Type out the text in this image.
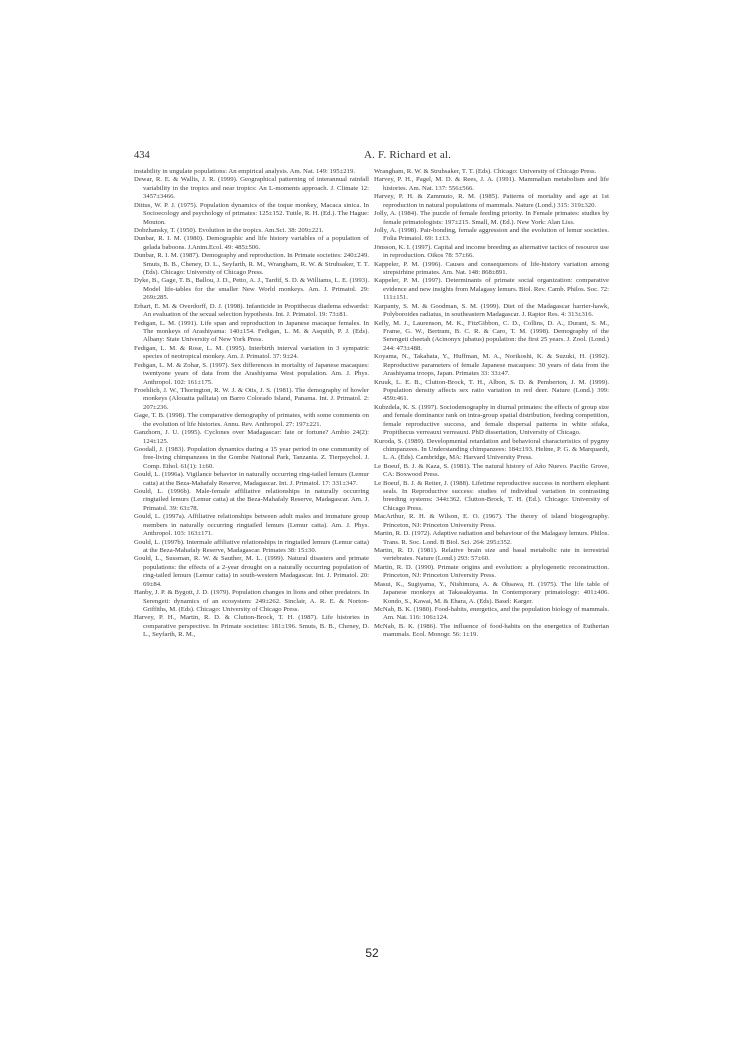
434	A. F. Richard et al.

instability in ungulate populations: An empirical analysis. Am. Nat. 149: 195±219.

Dewar, R. E. & Wallis, J. R. (1999). Geographical patterning of interannual rainfall variability in the tropics and near tropics: An L-moments approach. J. Climate 12: 3457±3466.

Dittus, W. P. J. (1975). Population dynamics of the toque monkey, Macaca sinica. In Socioecology and psychology of primates: 125±152. Tuttle, R. H. (Ed.). The Hague: Mouton.

Dobzhansky, T. (1950). Evolution in the tropics. Am.Sci. 38: 209±221.

Dunbar, R. I. M. (1980). Demographic and life history variables of a population of gelada baboons. J.Anim.Ecol. 49: 485±506.

Dunbar, R. I. M. (1987). Demography and reproduction. In Primate societies: 240±249. Smuts, B. B., Cheney, D. L., Seyfarth, R. M., Wrangham, R. W. & Struhsaker, T. T. (Eds). Chicago: University of Chicago Press.

Dyke, B., Gage, T. B., Ballou, J. D., Petto, A. J., Tardif, S. D. & Williams, L. E. (1993). Model life-tables for the smaller New World monkeys. Am. J. Primatol. 29: 269±285.

Erhart, E. M. & Overdorff, D. J. (1998). Infanticide in Propithecus diadema edwardsi: An evaluation of the sexual selection hypothesis. Int. J. Primatol. 19: 73±81.

Fedigan, L. M. (1991). Life span and reproduction in Japanese macaque females. In The monkeys of Arashiyama: 140±154. Fedigan, L. M. & Asquith, P. J. (Eds). Albany: State University of New York Press.

Fedigan, L. M. & Rose, L. M. (1995). Interbirth interval variation in 3 sympatric species of neotropical monkey. Am. J. Primatol. 37: 9±24.

Fedigan, L. M. & Zohar, S. (1997). Sex differences in mortality of Japanese macaques: twentyone years of data from the Arashiyama West population. Am. J. Phys. Anthropol. 102: 161±175.

Froehlich, J. W., Thorington, R. W. J. & Otis, J. S. (1981). The demography of howler monkeys (Alouatta palliata) on Barro Colorado Island, Panama. Int. J. Primatol. 2: 207±236.

Gage, T. B. (1998). The comparative demography of primates, with some comments on the evolution of life histories. Annu. Rev. Anthropol. 27: 197±221.

Ganzhorn, J. U. (1995). Cyclones over Madagascar: fate or fortune? Ambio 24(2): 124±125.

Goodall, J. (1983). Population dynamics during a 15 year period in one community of free-living chimpanzees in the Gombe National Park, Tanzania. Z. Tierpsychol. J. Comp. Ethol. 61(1): 1±60.

Gould, L. (1996a). Vigilance behavior in naturally occurring ring-tailed lemurs (Lemur catta) at the Beza-Mahafaly Reserve, Madagascar. Int. J. Primatol. 17: 331±347.

Gould, L. (1996b). Male-female affiliative relationships in naturally occurring ringtailed lemurs (Lemur catta) at the Beza-Mahafaly Reserve, Madagascar. Am. J. Primatol. 39: 63±78.

Gould, L. (1997a). Affiliative relationships between adult males and immature group members in naturally occurring ringtailed lemurs (Lemur catta). Am. J. Phys. Anthropol. 103: 163±171.

Gould, L. (1997b). Intermale affiliative relationships in ringtailed lemurs (Lemur catta) at the Beza-Mahafaly Reserve, Madagascar. Primates 38: 15±30.

Gould, L., Sussman, R. W. & Sauther, M. L. (1999). Natural disasters and primate populations: the effects of a 2-year drought on a naturally occurring population of ring-tailed lemurs (Lemur catta) in south-western Madagascar. Int. J. Primatol. 20: 69±84.

Hanby, J. P. & Bygott, J. D. (1979). Population changes in lions and other predators. In Serengeti: dynamics of an ecosystem: 249±262. Sinclair, A. R. E. & Norton-Griffiths, M. (Eds). Chicago: University of Chicago Press.

Harvey, P. H., Martin, R. D. & Clutton-Brock, T. H. (1987). Life histories in comparative perspective. In Primate societies: 181±196. Smuts, B. B., Cheney, D. L., Seyfarth, R. M.,

Wrangham, R. W. & Struhsaker, T. T. (Eds). Chicago: University of Chicago Press.

Harvey, P. H., Pagel, M. D. & Rees, J. A. (1991). Mammalian metabolism and life histories. Am. Nat. 137: 556±566.

Harvey, P. H. & Zammuto, R. M. (1985). Patterns of mortality and age at 1st reproduction in natural populations of mammals. Nature (Lond.) 315: 319±320.

Jolly, A. (1984). The puzzle of female feeding priority. In Female primates: studies by female primatologists: 197±215. Small, M. (Ed.). New York: Alan Liss.

Jolly, A. (1998). Pair-bonding, female aggression and the evolution of lemur societies. Folia Primatol. 69: 1±13.

Jönsson, K. I. (1997). Capital and income breeding as alternative tactics of resource use in reproduction. Oikos 78: 57±66.

Kappeler, P. M. (1996). Causes and consequences of life-history variation among strepsirhine primates. Am. Nat. 148: 868±891.

Kappeler, P. M. (1997). Determinants of primate social organization: comparative evidence and new insights from Malagasy lemurs. Biol. Rev. Camb. Philos. Soc. 72: 111±151.

Karpanty, S. M. & Goodman, S. M. (1999). Diet of the Madagascar harrier-hawk, Polyboroides radiatus, in southeastern Madagascar. J. Raptor Res. 4: 313±316.

Kelly, M. J., Laurenson, M. K., FitzGibbon, C. D., Collins, D. A., Durant, S. M., Frame, G. W., Bertram, B. C. R. & Caro, T. M. (1998). Demography of the Serengeti cheetah (Acinonyx jubatus) population: the first 25 years. J. Zool. (Lond.) 244: 473±488.

Koyama, N., Takahata, Y., Huffman, M. A., Norikoshi, K. & Suzuki, H. (1992). Reproductive parameters of female Japanese macaques: 30 years of data from the Arashiyama troops, Japan. Primates 33: 33±47.

Kruuk, L. E. B., Clutton-Brock, T. H., Albon, S. D. & Pemberton, J. M. (1999). Population density affects sex ratio variation in red deer. Nature (Lond.) 399: 459±461.

Kubzdela, K. S. (1997). Sociodemography in diurnal primates: the effects of group size and female dominance rank on intra-group spatial distribution, feeding competition, female reproductive success, and female dispersal patterns in white sifaka, Propithecus verreauxi verreauxi. PhD dissertation, University of Chicago.

Kuroda, S. (1989). Developmental retardation and behavioral characteristics of pygmy chimpanzees. In Understanding chimpanzees: 184±193. Heltne, P. G. & Marquardt, L. A. (Eds). Cambridge, MA: Harvard University Press.

Le Boeuf, B. J. & Kaza, S. (1981). The natural history of Año Nuevo. Pacific Grove, CA: Boxwood Press.

Le Boeuf, B. J. & Reiter, J. (1988). Lifetime reproductive success in northern elephant seals. In Reproductive success: studies of individual variation in contrasting breeding systems: 344±362. Clutton-Brock, T. H. (Ed.). Chicago: University of Chicago Press.

MacArthur, R. H. & Wilson, E. O. (1967). The theory of island biogeography. Princeton, NJ: Princeton University Press.

Martin, R. D. (1972). Adaptive radiation and behaviour of the Malagasy lemurs. Philos. Trans. R. Soc. Lond. B Biol. Sci. 264: 295±352.

Martin, R. D. (1981). Relative brain size and basal metabolic rate in terrestrial vertebrates. Nature (Lond.) 293: 57±60.

Martin, R. D. (1990). Primate origins and evolution: a phylogenetic reconstruction. Princeton, NJ: Princeton University Press.

Masui, K., Sugiyama, Y., Nishimura, A. & Ohsawa, H. (1975). The life table of Japanese monkeys at Takasakiyama. In Contemporary primatology: 401±406. Kondo, S., Kawai, M. & Ehara, A. (Eds). Basel: Karger.

McNab, B. K. (1980). Food-habits, energetics, and the population biology of mammals. Am. Nat. 116: 106±124.

McNab, B. K. (1986). The influence of food-habits on the energetics of Eutherian mammals. Ecol. Monogr. 56: 1±19.

52
